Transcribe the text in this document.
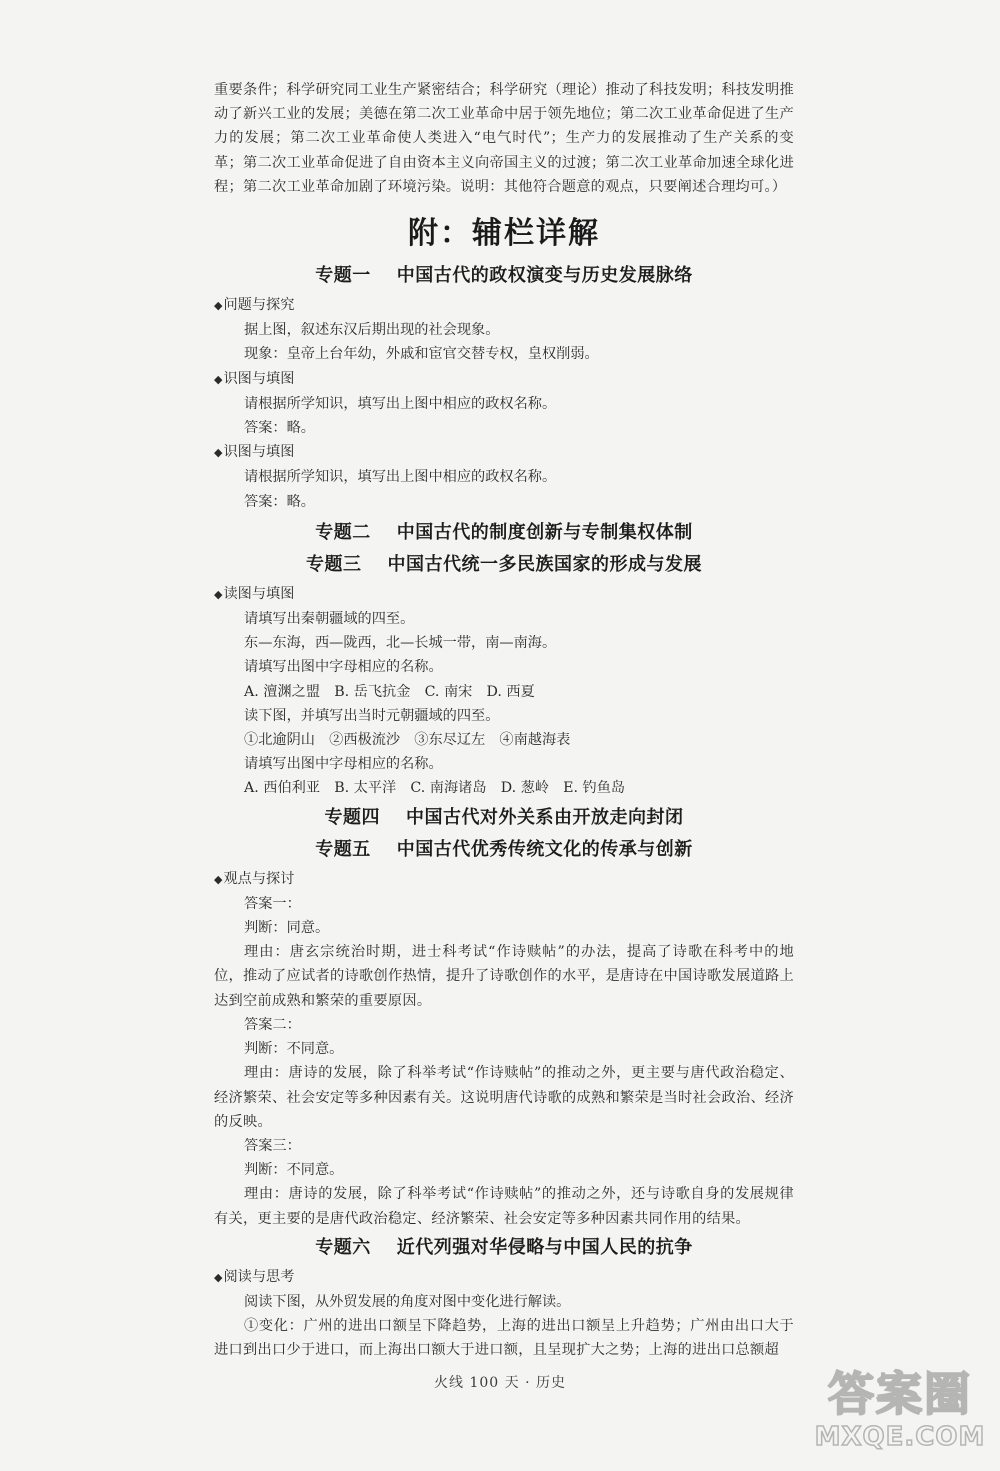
重要条件；科学研究同工业生产紧密结合；科学研究（理论）推动了科技发明；科技发明推动了新兴工业的发展；美德在第二次工业革命中居于领先地位；第二次工业革命促进了生产力的发展；第二次工业革命使人类进入“电气时代”；生产力的发展推动了生产关系的变革；第二次工业革命促进了自由资本主义向帝国主义的过渡；第二次工业革命加速全球化进程；第二次工业革命加剧了环境污染。说明：其他符合题意的观点，只要阐述合理均可。）

附：辅栏详解
专题一 中国古代的政权演变与历史发展脉络
◆问题与探究
据上图，叙述东汉后期出现的社会现象。
现象：皇帝上台年幼，外戚和宦官交替专权，皇权削弱。
◆识图与填图
请根据所学知识，填写出上图中相应的政权名称。
答案：略。
◆识图与填图
请根据所学知识，填写出上图中相应的政权名称。
答案：略。
专题二 中国古代的制度创新与专制集权体制
专题三 中国古代统一多民族国家的形成与发展
◆读图与填图
请填写出秦朝疆域的四至。
东—东海，西—陇西，北—长城一带，南—南海。
请填写出图中字母相应的名称。
A. 澶渊之盟　B. 岳飞抗金　C. 南宋　D. 西夏
读下图，并填写出当时元朝疆域的四至。
①北逾阴山　②西极流沙　③东尽辽左　④南越海表
请填写出图中字母相应的名称。
A. 西伯利亚　B. 太平洋　C. 南海诸岛　D. 葱岭　E. 钓鱼岛
专题四 中国古代对外关系由开放走向封闭
专题五 中国古代优秀传统文化的传承与创新
◆观点与探讨
答案一：
判断：同意。

理由：唐玄宗统治时期，进士科考试“作诗赎帖”的办法，提高了诗歌在科考中的地位，推动了应试者的诗歌创作热情，提升了诗歌创作的水平，是唐诗在中国诗歌发展道路上达到空前成熟和繁荣的重要原因。

答案二：
判断：不同意。

理由：唐诗的发展，除了科举考试“作诗赎帖”的推动之外，更主要与唐代政治稳定、经济繁荣、社会安定等多种因素有关。这说明唐代诗歌的成熟和繁荣是当时社会政治、经济的反映。

答案三：
判断：不同意。

理由：唐诗的发展，除了科举考试“作诗赎帖”的推动之外，还与诗歌自身的发展规律有关，更主要的是唐代政治稳定、经济繁荣、社会安定等多种因素共同作用的结果。

专题六 近代列强对华侵略与中国人民的抗争
◆阅读与思考
阅读下图，从外贸发展的角度对图中变化进行解读。

①变化：广州的进出口额呈下降趋势，上海的进出口额呈上升趋势；广州由出口大于进口到出口少于进口，而上海出口额大于进口额，且呈现扩大之势；上海的进出口总额超

火线 100 天 · 历史	答案圈
MXQE.COM
